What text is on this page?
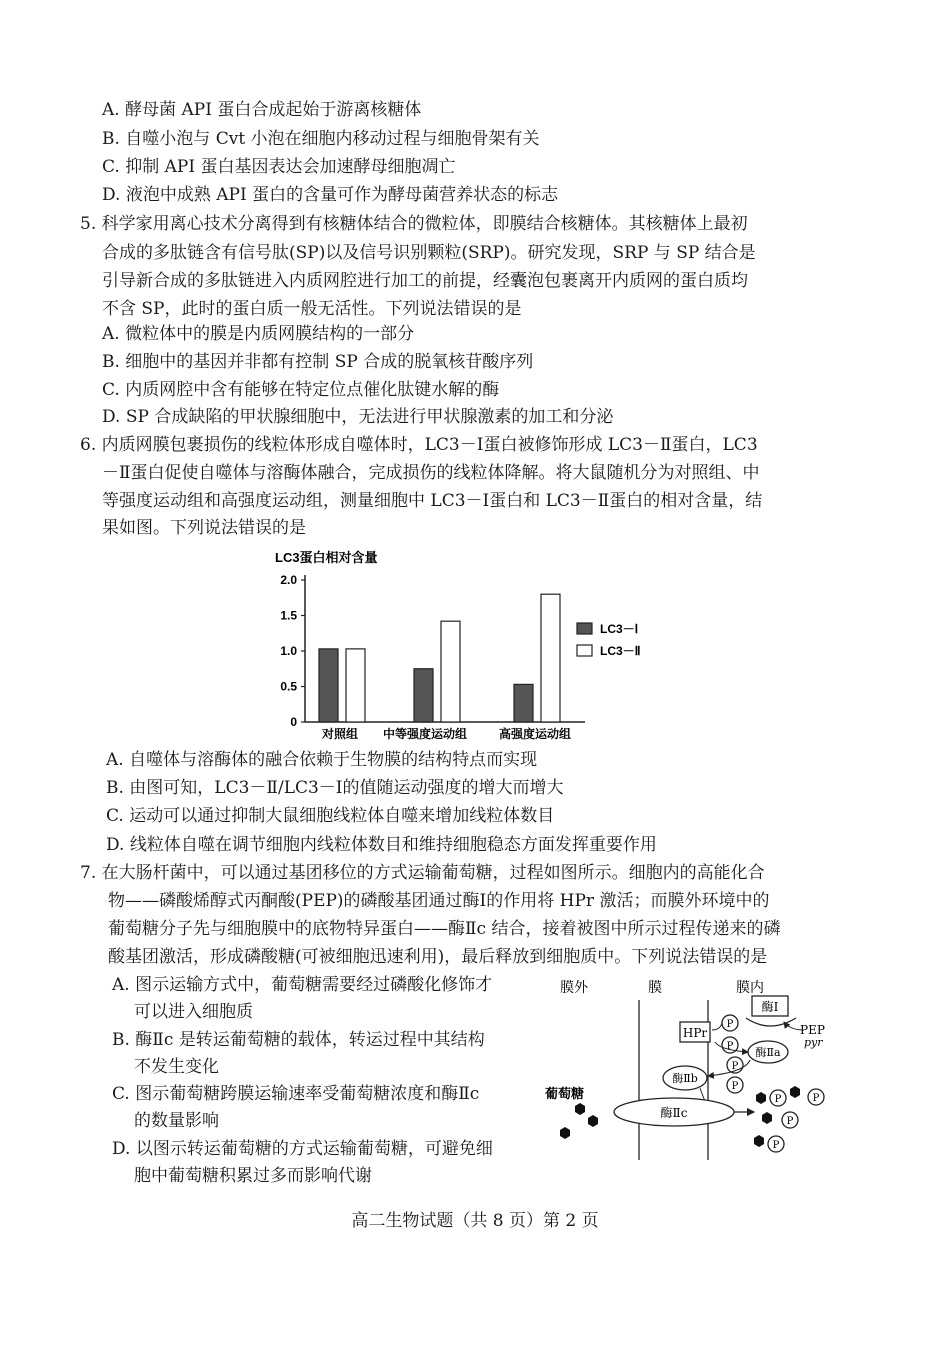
A. 酵母菌 API 蛋白合成起始于游离核糖体
B. 自噬小泡与 Cvt 小泡在细胞内移动过程与细胞骨架有关
C. 抑制 API 蛋白基因表达会加速酵母细胞凋亡
D. 液泡中成熟 API 蛋白的含量可作为酵母菌营养状态的标志
5. 科学家用离心技术分离得到有核糖体结合的微粒体，即膜结合核糖体。其核糖体上最初
合成的多肽链含有信号肽(SP)以及信号识别颗粒(SRP)。研究发现，SRP 与 SP 结合是
引导新合成的多肽链进入内质网腔进行加工的前提，经囊泡包裹离开内质网的蛋白质均
不含 SP，此时的蛋白质一般无活性。下列说法错误的是
A. 微粒体中的膜是内质网膜结构的一部分
B. 细胞中的基因并非都有控制 SP 合成的脱氧核苷酸序列
C. 内质网腔中含有能够在特定位点催化肽键水解的酶
D. SP 合成缺陷的甲状腺细胞中，无法进行甲状腺激素的加工和分泌
6. 内质网膜包裹损伤的线粒体形成自噬体时，LC3－Ⅰ蛋白被修饰形成 LC3－Ⅱ蛋白，LC3
－Ⅱ蛋白促使自噬体与溶酶体融合，完成损伤的线粒体降解。将大鼠随机分为对照组、中
等强度运动组和高强度运动组，测量细胞中 LC3－Ⅰ蛋白和 LC3－Ⅱ蛋白的相对含量，结
果如图。下列说法错误的是
LC3蛋白相对含量
2.0
1.5
1.0
0.5
0
对照组 中等强度运动组	高强度运动组
LC3－Ⅰ
LC3－Ⅱ
A. 自噬体与溶酶体的融合依赖于生物膜的结构特点而实现
B. 由图可知，LC3－Ⅱ/LC3－Ⅰ的值随运动强度的增大而增大
C. 运动可以通过抑制大鼠细胞线粒体自噬来增加线粒体数目
D. 线粒体自噬在调节细胞内线粒体数目和维持细胞稳态方面发挥重要作用
7. 在大肠杆菌中，可以通过基团移位的方式运输葡萄糖，过程如图所示。细胞内的高能化合
物——磷酸烯醇式丙酮酸(PEP)的磷酸基团通过酶Ⅰ的作用将 HPr 激活；而膜外环境中的
葡萄糖分子先与细胞膜中的底物特异蛋白——酶Ⅱc 结合，接着被图中所示过程传递来的磷
酸基团激活，形成磷酸糖(可被细胞迅速利用)，最后释放到细胞质中。下列说法错误的是
A. 图示运输方式中，葡萄糖需要经过磷酸化修饰才
可以进入细胞质
B. 酶Ⅱc 是转运葡萄糖的载体，转运过程中其结构
不发生变化
C. 图示葡萄糖跨膜运输速率受葡萄糖浓度和酶Ⅱc
的数量影响
D. 以图示转运葡萄糖的方式运输葡萄糖，可避免细
胞中葡萄糖积累过多而影响代谢
膜外	膜	膜内
酶Ⅰ
PEP
pyr
HPr
P
P 酶Ⅱa
P
酶Ⅱb
P
酶Ⅱc
葡萄糖	P	P
P
P
高二生物试题（共 8 页）第 2 页
